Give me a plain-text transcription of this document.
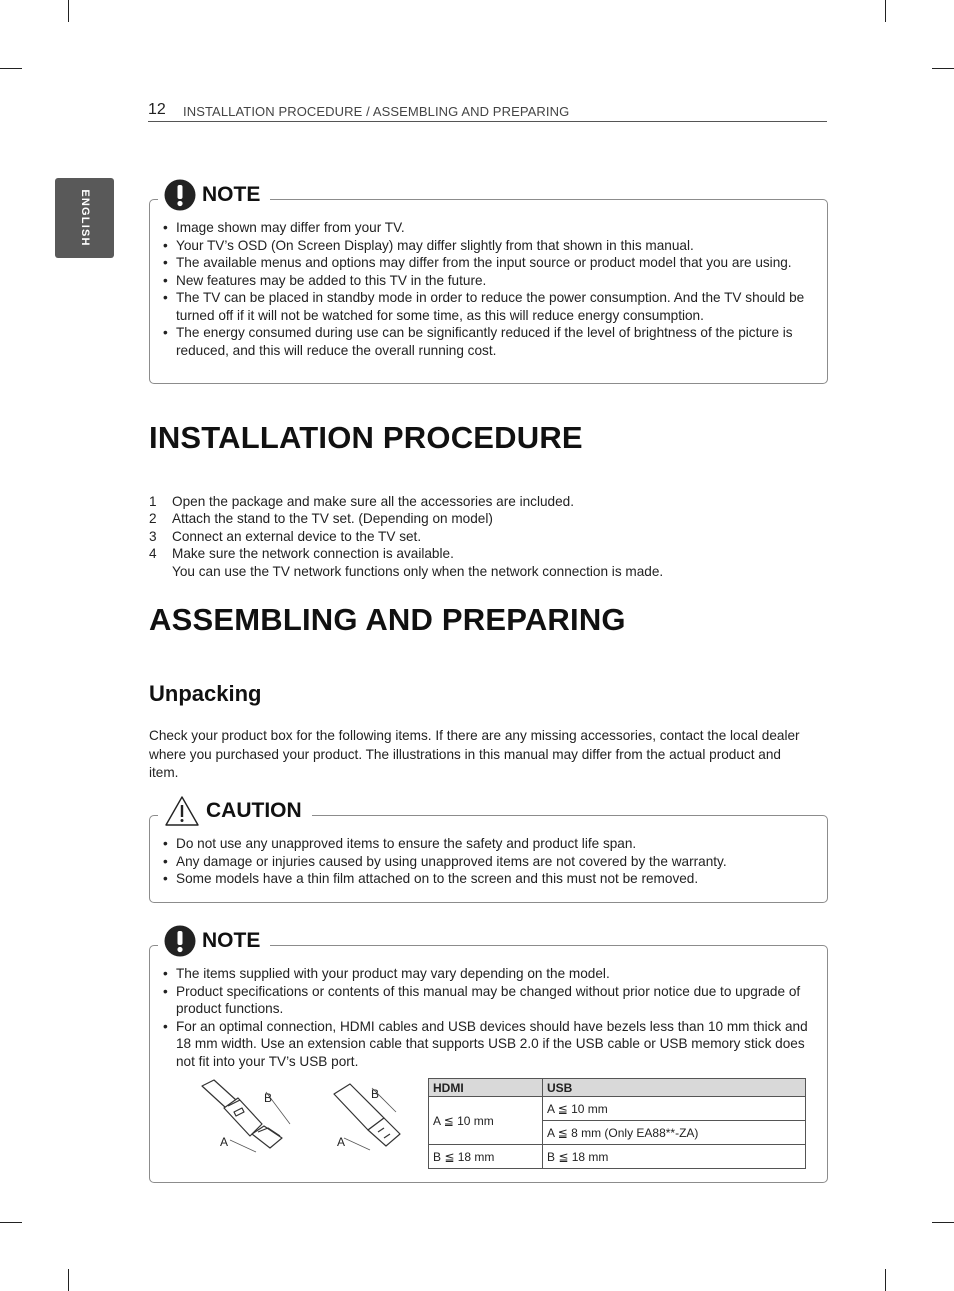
12 INSTALLATION PROCEDURE / ASSEMBLING AND PREPARING
ENGLISH	NOTE
• Image shown may differ from your TV.
• Your TV’s OSD (On Screen Display) may differ slightly from that shown in this manual.
• The available menus and options may differ from the input source or product model that you are using.
• New features may be added to this TV in the future.
• The TV can be placed in standby mode in order to reduce the power consumption. And the TV should be turned off if it will not be watched for some time, as this will reduce energy consumption.
• The energy consumed during use can be significantly reduced if the level of brightness of the picture is reduced, and this will reduce the overall running cost.
INSTALLATION PROCEDURE
1 Open the package and make sure all the accessories are included.
2 Attach the stand to the TV set. (Depending on model)
3 Connect an external device to the TV set.
4 Make sure the network connection is available.
You can use the TV network functions only when the network connection is made.
ASSEMBLING AND PREPARING
Unpacking
Check your product box for the following items. If there are any missing accessories, contact the local dealer where you purchased your product. The illustrations in this manual may differ from the actual product and item.
CAUTION
• Do not use any unapproved items to ensure the safety and product life span.
• Any damage or injuries caused by using unapproved items are not covered by the warranty.
• Some models have a thin film attached on to the screen and this must not be removed.
NOTE
• The items supplied with your product may vary depending on the model.
• Product specifications or contents of this manual may be changed without prior notice due to upgrade of product functions.
• For an optimal connection, HDMI cables and USB devices should have bezels less than 10 mm thick and 18 mm width. Use an extension cable that supports USB 2.0 if the USB cable or USB memory stick does not fit into your TV’s USB port.
A
B
A
B	HDMI	USB
A ≦ 10 mm	A ≦ 10 mm
	A ≦ 8 mm (Only EA88**-ZA)
B ≦ 18 mm	B ≦ 18 mm
